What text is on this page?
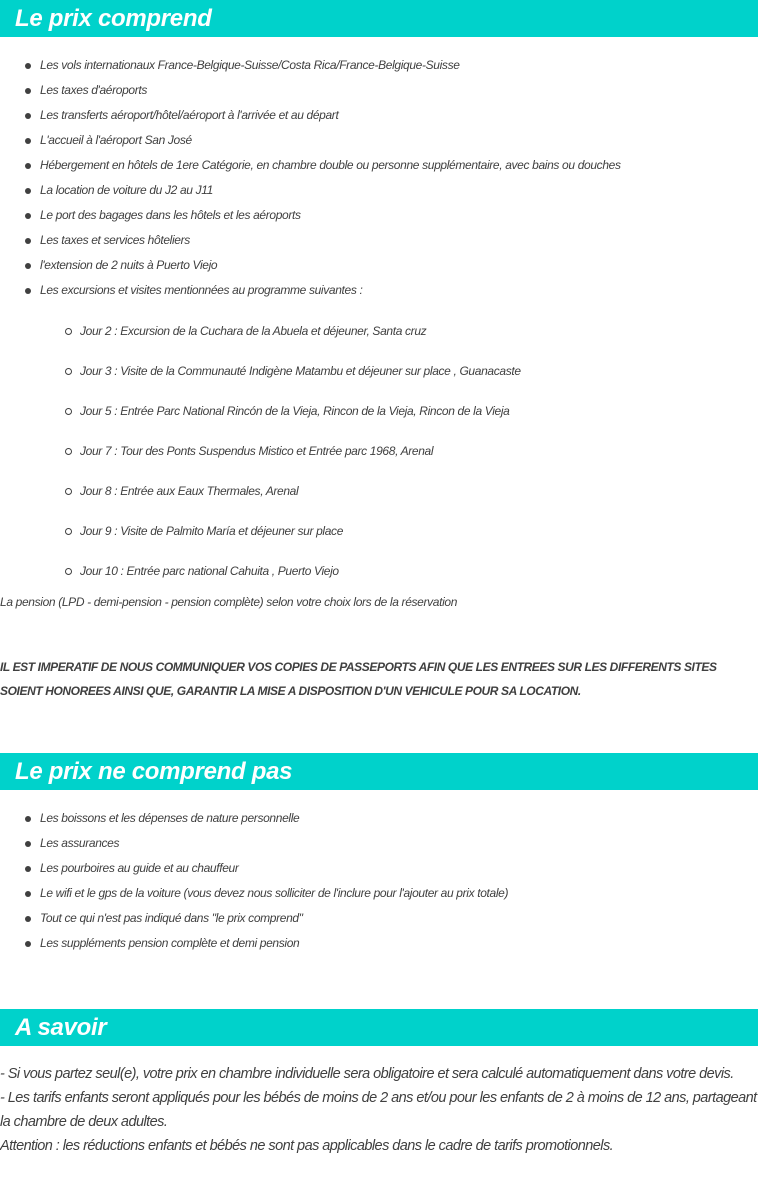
Le prix comprend
Les vols internationaux France-Belgique-Suisse/Costa Rica/France-Belgique-Suisse
Les taxes d'aéroports
Les transferts aéroport/hôtel/aéroport à l'arrivée et au départ
L'accueil à l'aéroport San José
Hébergement en hôtels de 1ere Catégorie, en chambre double ou personne supplémentaire, avec bains ou douches
La location de voiture du J2 au J11
Le port des bagages dans les hôtels et les aéroports
Les taxes et services hôteliers
l'extension de 2 nuits à Puerto Viejo
Les excursions et visites mentionnées au programme suivantes :
Jour 2 : Excursion de la Cuchara de la Abuela et déjeuner, Santa cruz
Jour 3 : Visite de la Communauté Indigène Matambu et déjeuner sur place , Guanacaste
Jour 5 : Entrée Parc National Rincón de la Vieja, Rincon de la Vieja, Rincon de la Vieja
Jour 7 : Tour des Ponts Suspendus Mistico et Entrée parc 1968, Arenal
Jour 8 : Entrée aux Eaux Thermales, Arenal
Jour 9 : Visite de Palmito María et déjeuner sur place
Jour 10 : Entrée parc national Cahuita , Puerto Viejo

La pension (LPD - demi-pension - pension complète) selon votre choix lors de la réservation

IL EST IMPERATIF DE NOUS COMMUNIQUER VOS COPIES DE PASSEPORTS AFIN QUE LES ENTREES SUR LES DIFFERENTS SITES SOIENT HONOREES AINSI QUE, GARANTIR LA MISE A DISPOSITION D'UN VEHICULE POUR SA LOCATION.

Le prix ne comprend pas
Les boissons et les dépenses de nature personnelle
Les assurances
Les pourboires au guide et au chauffeur
Le wifi et le gps de la voiture (vous devez nous solliciter de l'inclure pour l'ajouter au prix totale)
Tout ce qui n'est pas indiqué dans "le prix comprend"
Les suppléments pension complète et demi pension
A savoir

- Si vous partez seul(e), votre prix en chambre individuelle sera obligatoire et sera calculé automatiquement dans votre devis.

- Les tarifs enfants seront appliqués pour les bébés de moins de 2 ans et/ou pour les enfants de 2 à moins de 12 ans, partageant la chambre de deux adultes.

Attention : les réductions enfants et bébés ne sont pas applicables dans le cadre de tarifs promotionnels.
